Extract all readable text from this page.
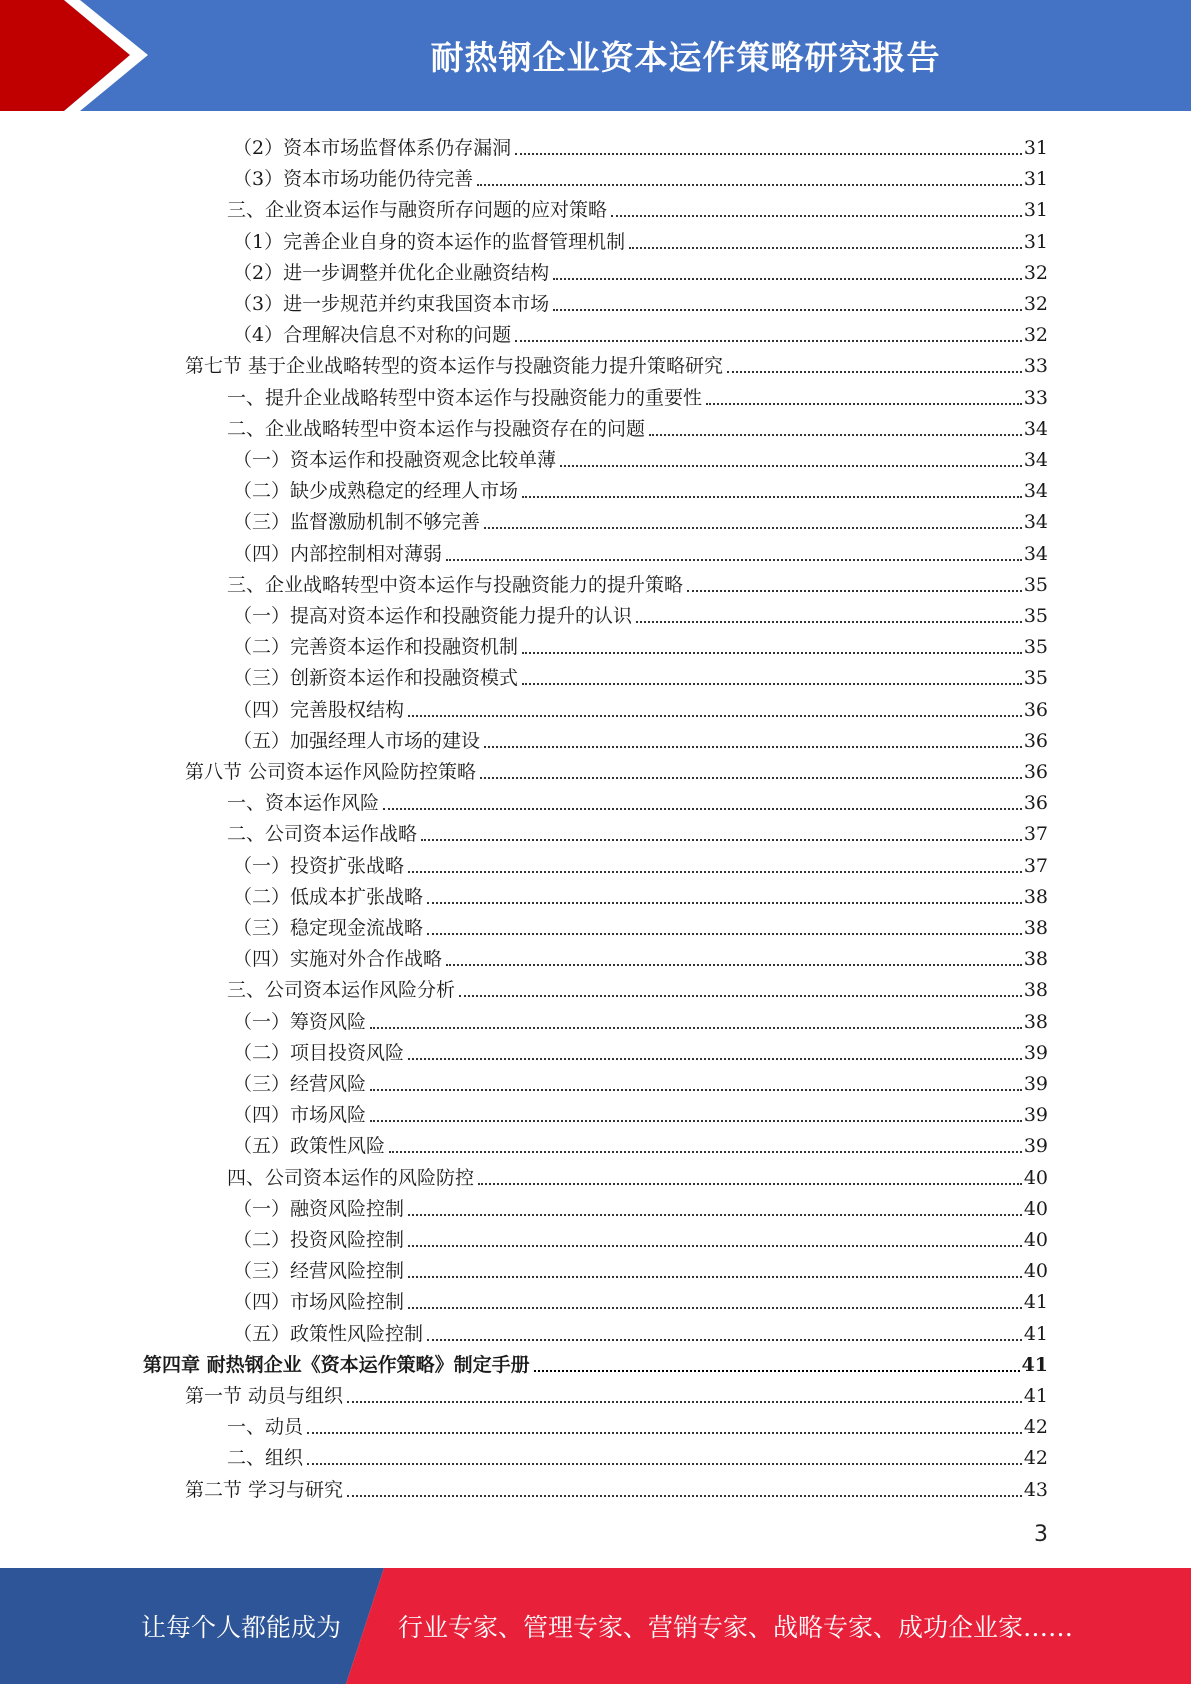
耐热钢企业资本运作策略研究报告
（2）资本市场监督体系仍存漏洞	31
（3）资本市场功能仍待完善	31
三、企业资本运作与融资所存问题的应对策略	31
（1）完善企业自身的资本运作的监督管理机制	31
（2）进一步调整并优化企业融资结构	32
（3）进一步规范并约束我国资本市场	32
（4）合理解决信息不对称的问题	32
第七节 基于企业战略转型的资本运作与投融资能力提升策略研究	33
一、提升企业战略转型中资本运作与投融资能力的重要性	33
二、企业战略转型中资本运作与投融资存在的问题	34
（一）资本运作和投融资观念比较单薄	34
（二）缺少成熟稳定的经理人市场	34
（三）监督激励机制不够完善	34
（四）内部控制相对薄弱	34
三、企业战略转型中资本运作与投融资能力的提升策略	35
（一）提高对资本运作和投融资能力提升的认识	35
（二）完善资本运作和投融资机制	35
（三）创新资本运作和投融资模式	35
（四）完善股权结构	36
（五）加强经理人市场的建设	36
第八节 公司资本运作风险防控策略	36
一、资本运作风险	36
二、公司资本运作战略	37
（一）投资扩张战略	37
（二）低成本扩张战略	38
（三）稳定现金流战略	38
（四）实施对外合作战略	38
三、公司资本运作风险分析	38
（一）筹资风险	38
（二）项目投资风险	39
（三）经营风险	39
（四）市场风险	39
（五）政策性风险	39
四、公司资本运作的风险防控	40
（一）融资风险控制	40
（二）投资风险控制	40
（三）经营风险控制	40
（四）市场风险控制	41
（五）政策性风险控制	41
第四章 耐热钢企业《资本运作策略》制定手册	41
第一节 动员与组织	41
一、动员	42
二、组织	42
第二节 学习与研究	43
3
让每个人都能成为 行业专家、管理专家、营销专家、战略专家、成功企业家……
